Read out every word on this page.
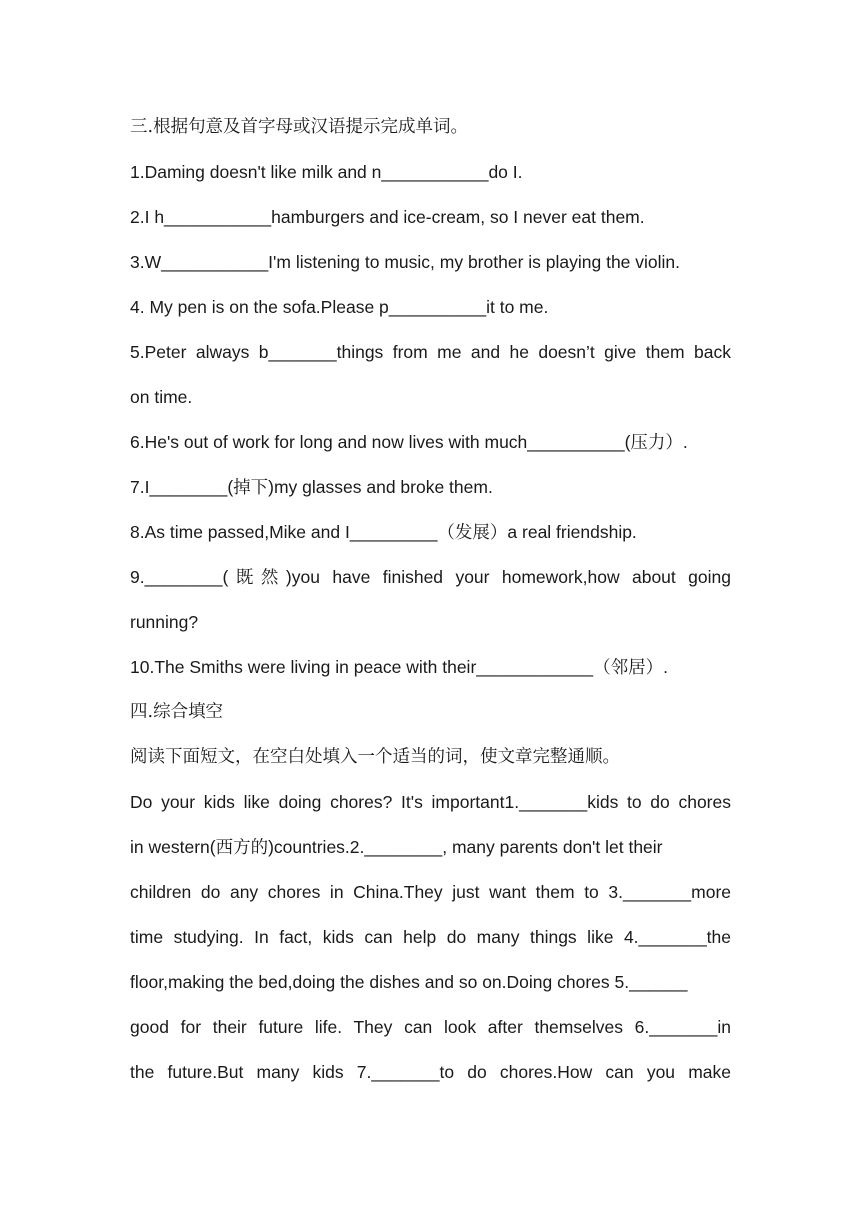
三.根据句意及首字母或汉语提示完成单词。
1.Daming doesn't like milk and n___________do I.
2.I h___________hamburgers and ice-cream, so I never eat them.
3.W___________I'm listening to music, my brother is playing the violin.
4. My pen is on the sofa.Please p__________it to me.
5.Peter always b_______things from me and he doesn’t give them back
on time.
6.He's out of work for long and now lives with much__________(压力）.
7.I________(掉下)my glasses and broke them.
8.As time passed,Mike and I_________（发展）a real friendship.
9.________(既然)you have finished your homework,how about going
running?
10.The Smiths were living in peace with their____________（邻居）.
四.综合填空
阅读下面短文，在空白处填入一个适当的词，使文章完整通顺。
Do your kids like doing chores? It's important1._______kids to do chores
in western(西方的)countries.2.________, many parents don't let their
children do any chores in China.They just want them to 3._______more
time studying. In fact, kids can help do many things like 4._______the
floor,making the bed,doing the dishes and so on.Doing chores 5.______
good for their future life. They can look after themselves 6._______in
the future.But many kids 7._______to do chores.How can you make
